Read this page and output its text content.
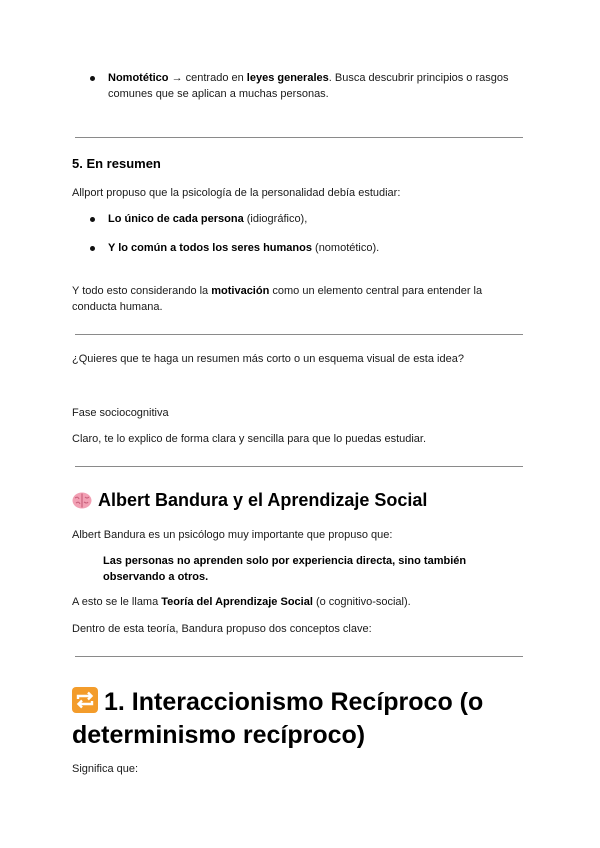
Nomotético → centrado en leyes generales. Busca descubrir principios o rasgos
comunes que se aplican a muchas personas.
5. En resumen
Allport propuso que la psicología de la personalidad debía estudiar:
Lo único de cada persona (idiográfico),
Y lo común a todos los seres humanos (nomotético).
Y todo esto considerando la motivación como un elemento central para entender la
conducta humana.
¿Quieres que te haga un resumen más corto o un esquema visual de esta idea?
Fase sociocognitiva
Claro, te lo explico de forma clara y sencilla para que lo puedas estudiar.
Albert Bandura y el Aprendizaje Social
Albert Bandura es un psicólogo muy importante que propuso que:
Las personas no aprenden solo por experiencia directa, sino también
observando a otros.
A esto se le llama Teoría del Aprendizaje Social (o cognitivo-social).
Dentro de esta teoría, Bandura propuso dos conceptos clave:
1. Interaccionismo Recíproco (o
determinismo recíproco)
Significa que:
